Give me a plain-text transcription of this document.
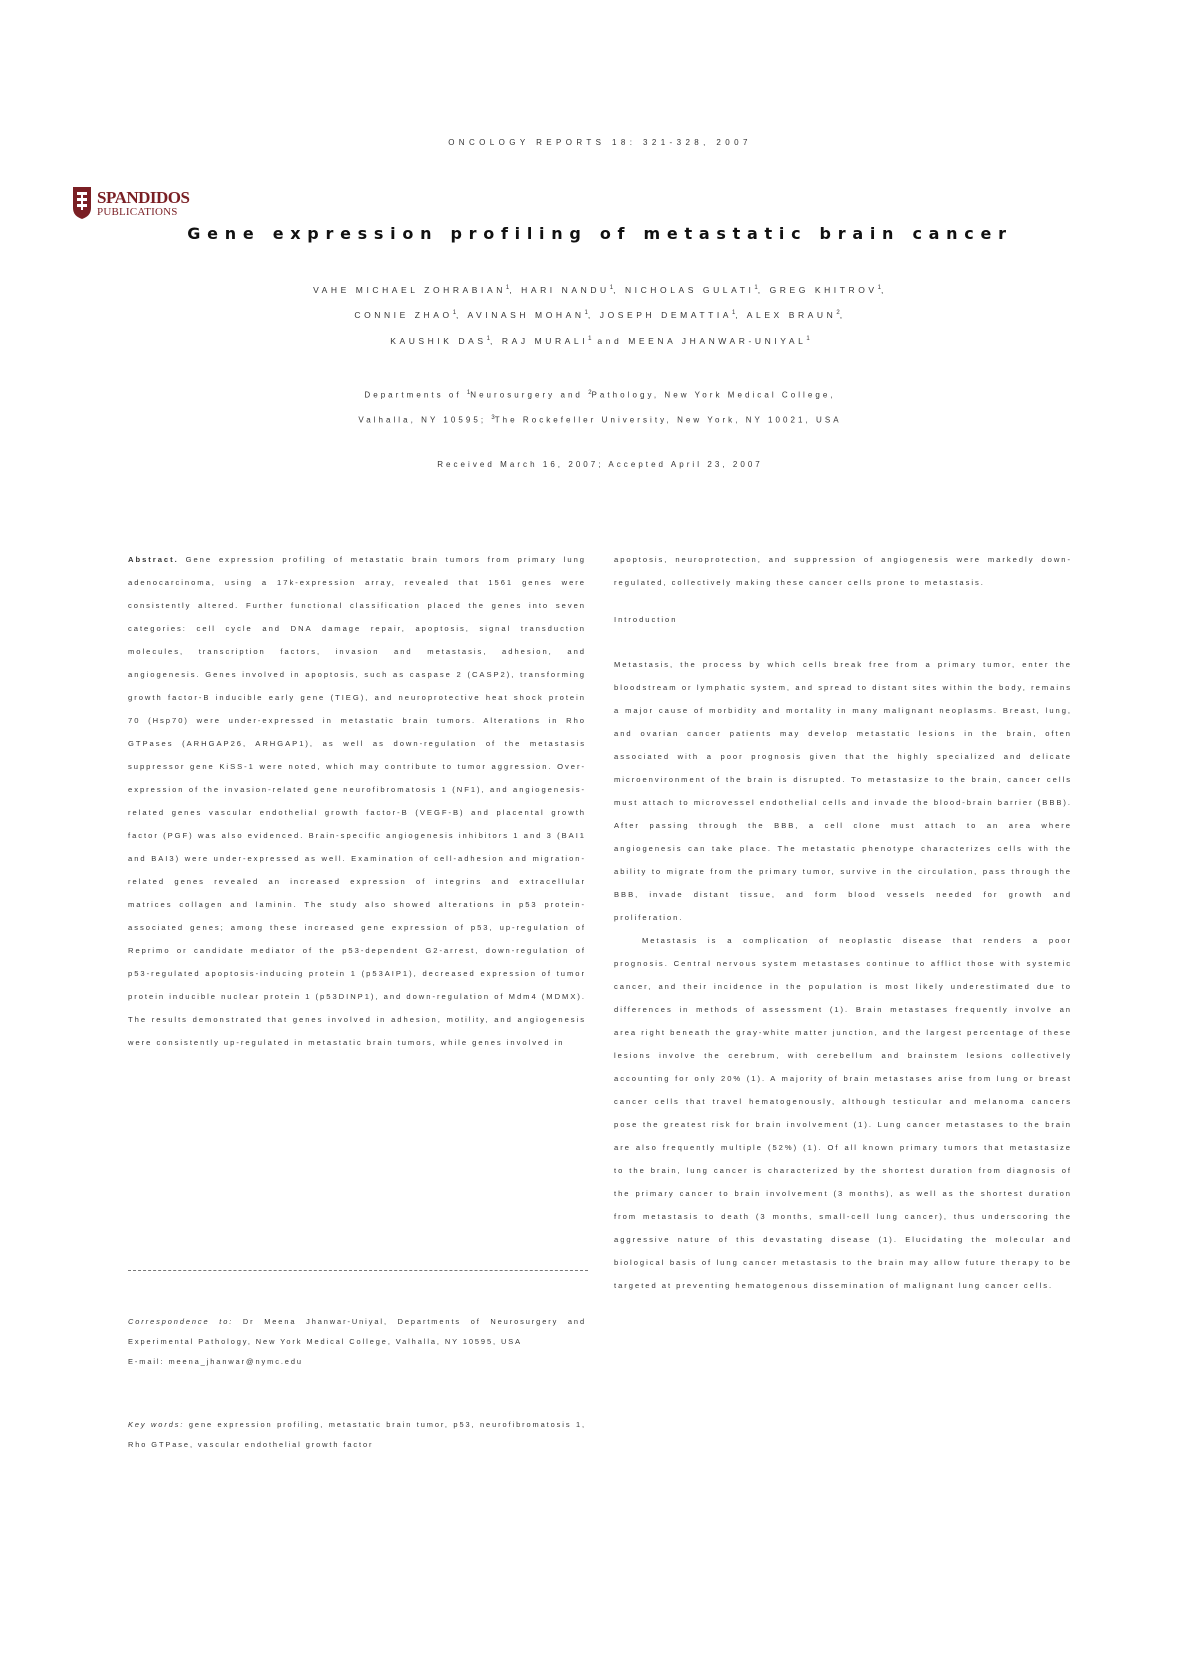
ONCOLOGY REPORTS 18: 321-328, 2007
SPANDIDOS
PUBLICATIONS
Gene expression profiling of metastatic brain cancer
VAHE MICHAEL ZOHRABIAN$^1$, HARI NANDU$^1$, NICHOLAS GULATI$^1$, GREG KHITROV$^1$,
CONNIE ZHAO$^1$, AVINASH MOHAN$^1$, JOSEPH DEMATTIA$^1$, ALEX BRAUN$^2$,
KAUSHIK DAS$^1$, RAJ MURALI$^1$ and MEENA JHANWAR-UNIYAL$^1$
Departments of $^1$Neurosurgery and $^2$Pathology, New York Medical College,
Valhalla, NY 10595; $^3$The Rockefeller University, New York, NY 10021, USA
Received March 16, 2007; Accepted April 23, 2007

Abstract. Gene expression profiling of metastatic brain tumors from primary lung adenocarcinoma, using a 17k-expression array, revealed that 1561 genes were consistently altered. Further functional classification placed the genes into seven categories: cell cycle and DNA damage repair, apoptosis, signal transduction molecules, transcription factors, invasion and metastasis, adhesion, and angiogenesis. Genes involved in apoptosis, such as caspase 2 (CASP2), transforming growth factor-B inducible early gene (TIEG), and neuroprotective heat shock protein 70 (Hsp70) were under-expressed in metastatic brain tumors. Alterations in Rho GTPases (ARHGAP26, ARHGAP1), as well as down-regulation of the metastasis suppressor gene KiSS-1 were noted, which may contribute to tumor aggression. Over-expression of the invasion-related gene neurofibromatosis 1 (NF1), and angiogenesis-related genes vascular endothelial growth factor-B (VEGF-B) and placental growth factor (PGF) was also evidenced. Brain-specific angiogenesis inhibitors 1 and 3 (BAI1 and BAI3) were under-expressed as well. Examination of cell-adhesion and migration-related genes revealed an increased expression of integrins and extracellular matrices collagen and laminin. The study also showed alterations in p53 protein-associated genes; among these increased gene expression of p53, up-regulation of Reprimo or candidate mediator of the p53-dependent G2-arrest, down-regulation of p53-regulated apoptosis-inducing protein 1 (p53AIP1), decreased expression of tumor protein inducible nuclear protein 1 (p53DINP1), and down-regulation of Mdm4 (MDMX). The results demonstrated that genes involved in adhesion, motility, and angiogenesis were consistently up-regulated in metastatic brain tumors, while genes involved in

Correspondence to: Dr Meena Jhanwar-Uniyal, Departments of Neurosurgery and Experimental Pathology, New York Medical College, Valhalla, NY 10595, USA
E-mail: meena_jhanwar@nymc.edu
Key words: gene expression profiling, metastatic brain tumor, p53, neurofibromatosis 1, Rho GTPase, vascular endothelial growth factor

apoptosis, neuroprotection, and suppression of angiogenesis were markedly down-regulated, collectively making these cancer cells prone to metastasis.

Introduction

Metastasis, the process by which cells break free from a primary tumor, enter the bloodstream or lymphatic system, and spread to distant sites within the body, remains a major cause of morbidity and mortality in many malignant neoplasms. Breast, lung, and ovarian cancer patients may develop metastatic lesions in the brain, often associated with a poor prognosis given that the highly specialized and delicate microenvironment of the brain is disrupted. To metastasize to the brain, cancer cells must attach to microvessel endothelial cells and invade the blood-brain barrier (BBB). After passing through the BBB, a cell clone must attach to an area where angiogenesis can take place. The metastatic phenotype characterizes cells with the ability to migrate from the primary tumor, survive in the circulation, pass through the BBB, invade distant tissue, and form blood vessels needed for growth and proliferation.

Metastasis is a complication of neoplastic disease that renders a poor prognosis. Central nervous system metastases continue to afflict those with systemic cancer, and their incidence in the population is most likely underestimated due to differences in methods of assessment (1). Brain metastases frequently involve an area right beneath the gray-white matter junction, and the largest percentage of these lesions involve the cerebrum, with cerebellum and brainstem lesions collectively accounting for only 20% (1). A majority of brain metastases arise from lung or breast cancer cells that travel hematogenously, although testicular and melanoma cancers pose the greatest risk for brain involvement (1). Lung cancer metastases to the brain are also frequently multiple (52%) (1). Of all known primary tumors that metastasize to the brain, lung cancer is characterized by the shortest duration from diagnosis of the primary cancer to brain involvement (3 months), as well as the shortest duration from metastasis to death (3 months, small-cell lung cancer), thus underscoring the aggressive nature of this devastating disease (1). Elucidating the molecular and biological basis of lung cancer metastasis to the brain may allow future therapy to be targeted at preventing hematogenous dissemination of malignant lung cancer cells.
